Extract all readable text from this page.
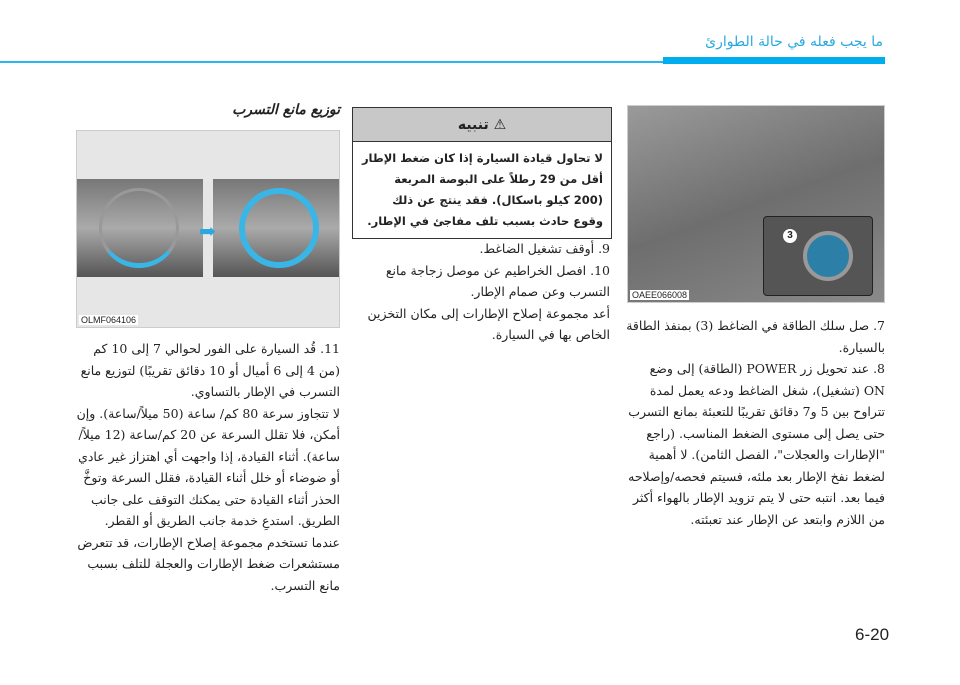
ما يجب فعله في حالة الطوارئ
توزيع مانع التسرب
➡
OLMF064106

11. قُد السيارة على الفور لحوالي 7 إلى 10 كم (من 4 إلى 6 أميال أو 10 دقائق تقريبًا) لتوزيع مانع التسرب في الإطار بالتساوي.

لا تتجاوز سرعة 80 كم/ ساعة (50 ميلاً/ساعة). وإن أمكن، فلا تقلل السرعة عن 20 كم/ساعة (12 ميلاً/ ساعة). أثناء القيادة، إذا واجهت أي اهتزاز غير عادي أو ضوضاء أو خلل أثناء القيادة، فقلل السرعة وتوخَّ الحذر أثناء القيادة حتى يمكنك التوقف على جانب الطريق. استدعِ خدمة جانب الطريق أو القطر. عندما تستخدم مجموعة إصلاح الإطارات، قد تتعرض مستشعرات ضغط الإطارات والعجلة للتلف بسبب مانع التسرب.

⚠ تنبيه
لا تحاول قيادة السيارة إذا كان ضغط الإطار أقل من 29 رطلاً على البوصة المربعة (200 كيلو باسكال). فقد ينتج عن ذلك وقوع حادث بسبب تلف مفاجئ في الإطار.

9. أوقف تشغيل الضاغط.

10. افصل الخراطيم عن موصل زجاجة مانع التسرب وعن صمام الإطار.

أعد مجموعة إصلاح الإطارات إلى مكان التخزين الخاص بها في السيارة.

3
OAEE066008

7. صل سلك الطاقة في الضاغط (3) بمنفذ الطاقة بالسيارة.

8. عند تحويل زر POWER (الطاقة) إلى وضع ON (تشغيل)، شغل الضاغط ودعه يعمل لمدة تتراوح بين 5 و7 دقائق تقريبًا للتعبئة بمانع التسرب حتى يصل إلى مستوى الضغط المناسب. (راجع "الإطارات والعجلات"، الفصل الثامن). لا أهمية لضغط نفخ الإطار بعد ملئه، فسيتم فحصه/وإصلاحه فيما بعد. انتبه حتى لا يتم تزويد الإطار بالهواء أكثر من اللازم وابتعد عن الإطار عند تعبئته.

6-20
